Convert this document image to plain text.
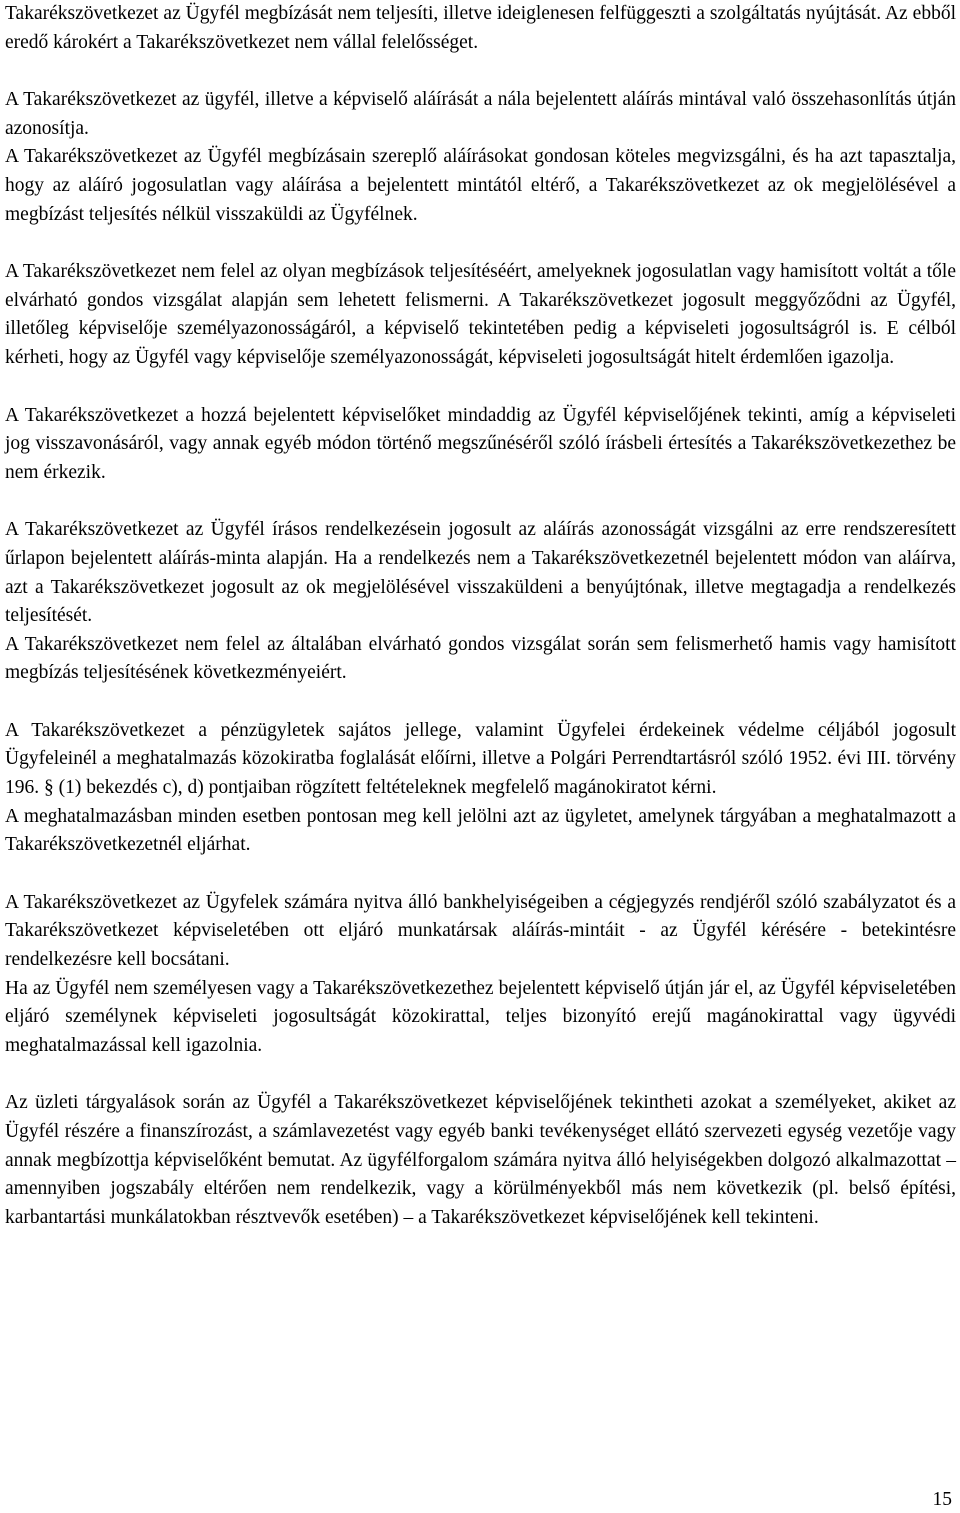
Takarékszövetkezet az Ügyfél megbízását nem teljesíti, illetve ideiglenesen felfüggeszti a szolgáltatás nyújtását. Az ebből eredő károkért a Takarékszövetkezet nem vállal felelősséget.

A Takarékszövetkezet az ügyfél, illetve a képviselő aláírását a nála bejelentett aláírás mintával való összehasonlítás útján azonosítja.

A Takarékszövetkezet az Ügyfél megbízásain szereplő aláírásokat gondosan köteles megvizsgálni, és ha azt tapasztalja, hogy az aláíró jogosulatlan vagy aláírása a bejelentett mintától eltérő, a Takarékszövetkezet az ok megjelölésével a megbízást teljesítés nélkül visszaküldi az Ügyfélnek.

A Takarékszövetkezet nem felel az olyan megbízások teljesítéséért, amelyeknek jogosulatlan vagy hamisított voltát a tőle elvárható gondos vizsgálat alapján sem lehetett felismerni. A Takarékszövetkezet jogosult meggyőződni az Ügyfél, illetőleg képviselője személyazonosságáról, a képviselő tekintetében pedig a képviseleti jogosultságról is. E célból kérheti, hogy az Ügyfél vagy képviselője személyazonosságát, képviseleti jogosultságát hitelt érdemlően igazolja.

A Takarékszövetkezet a hozzá bejelentett képviselőket mindaddig az Ügyfél képviselőjének tekinti, amíg a képviseleti jog visszavonásáról, vagy annak egyéb módon történő megszűnéséről szóló írásbeli értesítés a Takarékszövetkezethez be nem érkezik.

A Takarékszövetkezet az Ügyfél írásos rendelkezésein jogosult az aláírás azonosságát vizsgálni az erre rendszeresített űrlapon bejelentett aláírás-minta alapján. Ha a rendelkezés nem a Takarékszövetkezetnél bejelentett módon van aláírva, azt a Takarékszövetkezet jogosult az ok megjelölésével visszaküldeni a benyújtónak, illetve megtagadja a rendelkezés teljesítését.

A Takarékszövetkezet nem felel az általában elvárható gondos vizsgálat során sem felismerhető hamis vagy hamisított megbízás teljesítésének következményeiért.

A Takarékszövetkezet a pénzügyletek sajátos jellege, valamint Ügyfelei érdekeinek védelme céljából jogosult Ügyfeleinél a meghatalmazás közokiratba foglalását előírni, illetve a Polgári Perrendtartásról szóló 1952. évi III. törvény 196. § (1) bekezdés c), d) pontjaiban rögzített feltételeknek megfelelő magánokiratot kérni.

A meghatalmazásban minden esetben pontosan meg kell jelölni azt az ügyletet, amelynek tárgyában a meghatalmazott a Takarékszövetkezetnél eljárhat.

A Takarékszövetkezet az Ügyfelek számára nyitva álló bankhelyiségeiben a cégjegyzés rendjéről szóló szabályzatot és a Takarékszövetkezet képviseletében ott eljáró munkatársak aláírás-mintáit - az Ügyfél kérésére - betekintésre rendelkezésre kell bocsátani.

Ha az Ügyfél nem személyesen vagy a Takarékszövetkezethez bejelentett képviselő útján jár el, az Ügyfél képviseletében eljáró személynek képviseleti jogosultságát közokirattal, teljes bizonyító erejű magánokirattal vagy ügyvédi meghatalmazással kell igazolnia.

Az üzleti tárgyalások során az Ügyfél a Takarékszövetkezet képviselőjének tekintheti azokat a személyeket, akiket az Ügyfél részére a finanszírozást, a számlavezetést vagy egyéb banki tevékenységet ellátó szervezeti egység vezetője vagy annak megbízottja képviselőként bemutat. Az ügyfélforgalom számára nyitva álló helyiségekben dolgozó alkalmazottat – amennyiben jogszabály eltérően nem rendelkezik, vagy a körülményekből más nem következik (pl. belső építési, karbantartási munkálatokban résztvevők esetében) – a Takarékszövetkezet képviselőjének kell tekinteni.

15
